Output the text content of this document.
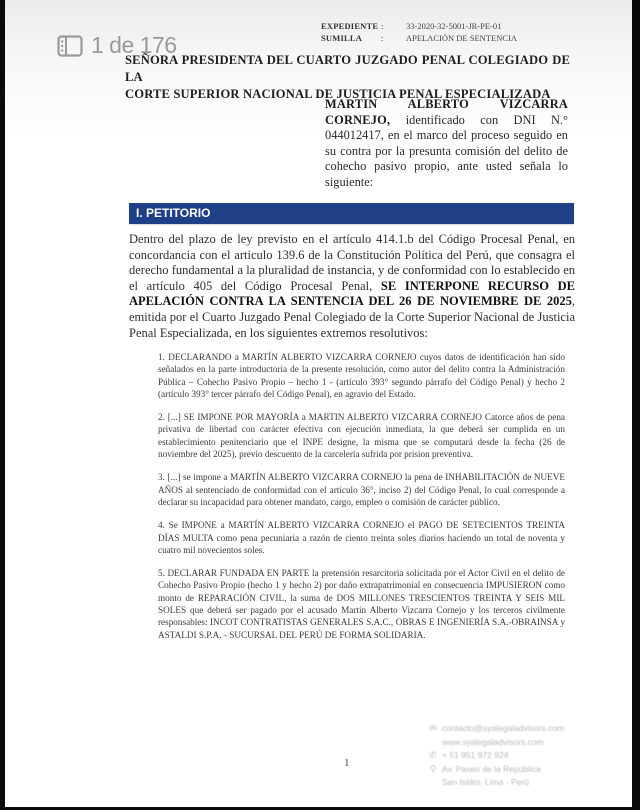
1 de 176
EXPEDIENTE :	33-2020-32-5001-JR-PE-01
SUMILLA	:	APELACIÓN DE SENTENCIA
SEÑORA PRESIDENTA DEL CUARTO JUZGADO PENAL COLEGIADO DE LA
CORTE SUPERIOR NACIONAL DE JUSTICIA PENAL ESPECIALIZADA
MARTIN ALBERTO VIZCARRA CORNEJO, identificado con DNI N.° 044012417, en el marco del proceso seguido en su contra por la presunta comisión del delito de cohecho pasivo propio, ante usted señala lo siguiente:
I. PETITORIO
Dentro del plazo de ley previsto en el artículo 414.1.b del Código Procesal Penal, en concordancia con el articulo 139.6 de la Constitución Política del Perú, que consagra el derecho fundamental a la pluralidad de instancia, y de conformidad con lo establecido en el artículo 405 del Código Procesal Penal, SE INTERPONE RECURSO DE APELACIÓN CONTRA LA SENTENCIA DEL 26 DE NOVIEMBRE DE 2025, emitida por el Cuarto Juzgado Penal Colegiado de la Corte Superior Nacional de Justicia Penal Especializada, en los siguientes extremos resolutivos:

1. DECLARANDO a MARTÍN ALBERTO VIZCARRA CORNEJO cuyos datos de identificación han sido señalados en la parte introductoria de la presente resolución, como autor del delito contra la Administración Pública – Cohecho Pasivo Propio – hecho 1 - (artículo 393° segundo párrafo del Código Penal) y hecho 2 (artículo 393° tercer párrafo del Código Penal), en agravio del Estado.

2. [...] SE IMPONE POR MAYORÍA a MARTIN ALBERTO VIZCARRA CORNEJO Catorce años de pena privativa de libertad con carácter efectiva con ejecución inmediata, la que deberá ser cumplida en un establecimiento penitenciario que el INPE designe, la misma que se computará desde la fecha (26 de noviembre del 2025), previo descuento de la carcelería sufrida por prision preventiva.

3. [...] se impone a MARTÍN ALBERTO VIZCARRA CORNEJO la pena de INHABILITACIÓN de NUEVE AÑOS al sentenciado de conformidad con el artículo 36°, inciso 2) del Código Penal, lo cual corresponde a declarar su incapacidad para obtener mandato, cargo, empleo o comisión de carácter público.

4. Se IMPONE a MARTÍN ALBERTO VIZCARRA CORNEJO el PAGO DE SETECIENTOS TREINTA DÍAS MULTA como pena pecuniaria a razón de ciento treinta soles diarios haciendo un total de noventa y cuatro mil novecientos soles.

5. DECLARAR FUNDADA EN PARTE la pretensión resarcitoria solicitada por el Actor Civil en el delito de Cohecho Pasivo Propio (hecho 1 y hecho 2) por daño extrapatrimonial en consecuencia IMPUSIERON como monto de REPARACIÓN CIVIL, la suma de DOS MILLONES TRESCIENTOS TREINTA Y SEIS MIL SOLES que deberá ser pagado por el acusado Martín Alberto Vizcarra Cornejo y los terceros civilmente responsables: INCOT CONTRATISTAS GENERALES S.A.C., OBRAS E INGENIERÍA S.A.-OBRAINSA y ASTALDI S.P.A. - SUCURSAL DEL PERÚ DE FORMA SOLIDARIA.

1
✉ contacto@syalegaladvisors.com
www.syalegaladvisors.com
✆ + 51 951 972 924
⚲ Av. Paseo de la República
San Isidro, Lima - Perú
